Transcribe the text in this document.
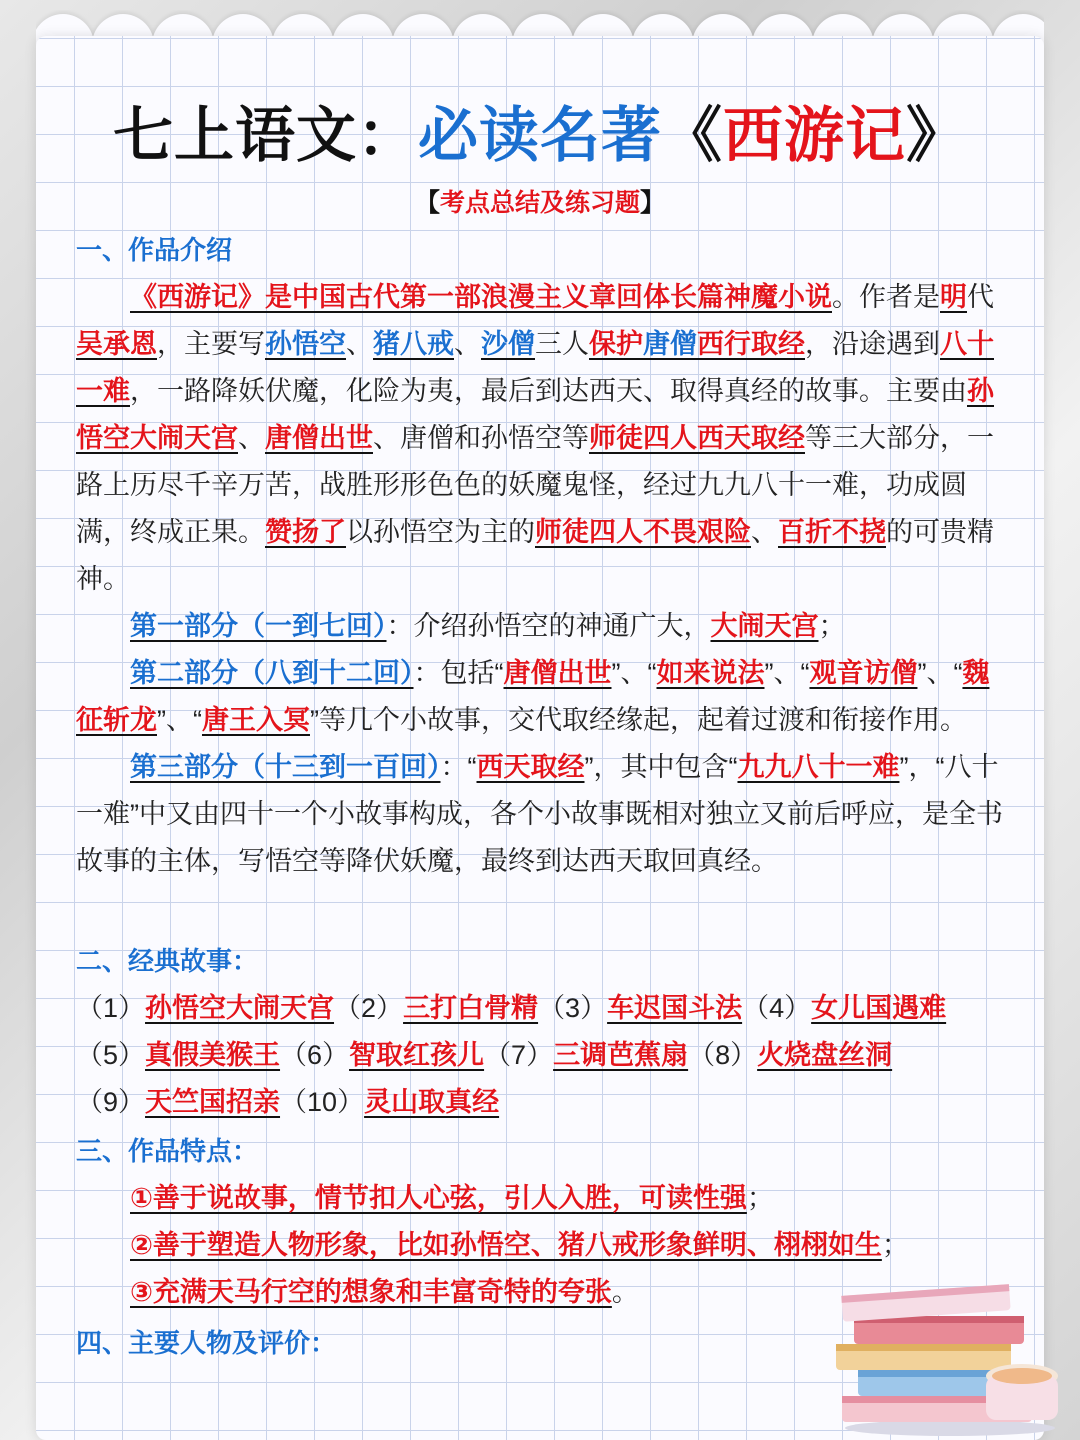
七上语文：必读名著《西游记》
【考点总结及练习题】
一、作品介绍
《西游记》是中国古代第一部浪漫主义章回体长篇神魔小说。作者是明代吴承恩，主要写孙悟空、猪八戒、沙僧三人保护唐僧西行取经，沿途遇到八十一难，一路降妖伏魔，化险为夷，最后到达西天、取得真经的故事。主要由孙悟空大闹天宫、唐僧出世、唐僧和孙悟空等师徒四人西天取经等三大部分，一路上历尽千辛万苦，战胜形形色色的妖魔鬼怪，经过九九八十一难，功成圆满，终成正果。赞扬了以孙悟空为主的师徒四人不畏艰险、百折不挠的可贵精神。
第一部分（一到七回）：介绍孙悟空的神通广大，大闹天宫；
第二部分（八到十二回）：包括“唐僧出世”、“如来说法”、“观音访僧”、“魏征斩龙”、“唐王入冥”等几个小故事，交代取经缘起，起着过渡和衔接作用。
第三部分（十三到一百回）：“西天取经”，其中包含“九九八十一难”，“八十一难”中又由四十一个小故事构成，各个小故事既相对独立又前后呼应，是全书故事的主体，写悟空等降伏妖魔，最终到达西天取回真经。
二、经典故事：
（1）孙悟空大闹天宫（2）三打白骨精（3）车迟国斗法（4）女儿国遇难
（5）真假美猴王（6）智取红孩儿（7）三调芭蕉扇（8）火烧盘丝洞
（9）天竺国招亲（10）灵山取真经
三、作品特点：
①善于说故事，情节扣人心弦，引人入胜，可读性强；
②善于塑造人物形象，比如孙悟空、猪八戒形象鲜明、栩栩如生；
③充满天马行空的想象和丰富奇特的夸张。
四、主要人物及评价：
